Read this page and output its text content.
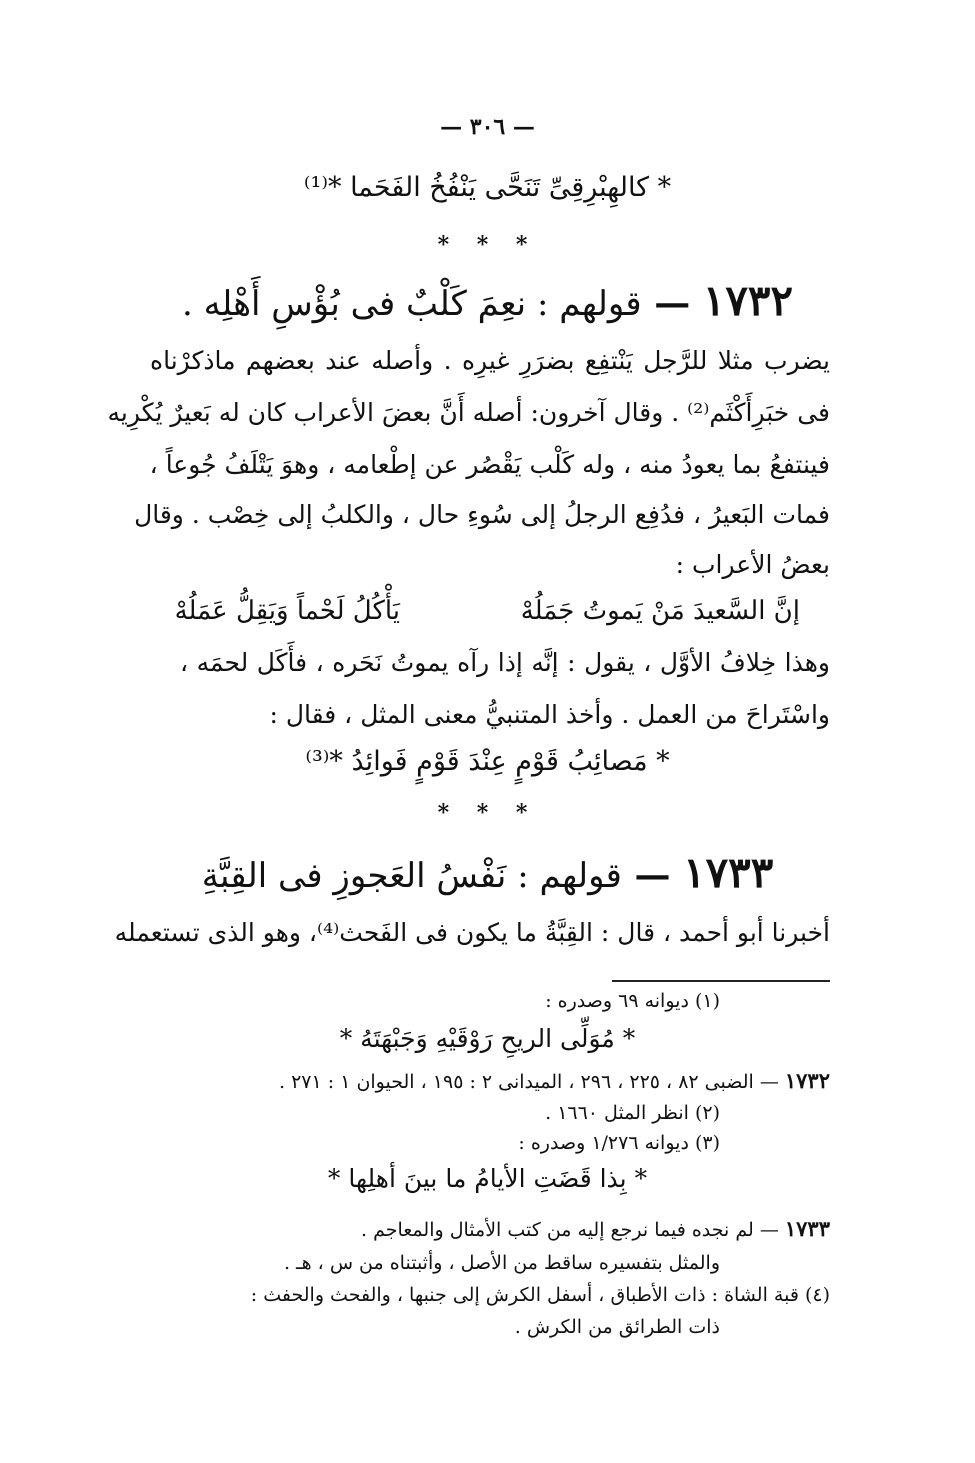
— ٣٠٦ —
* كالهِبْرِقِىِّ تَنَحَّى يَنْفُخُ الفَحَما *⁽¹⁾
* * *
١٧٣٢ — قولهم : نعِمَ كَلْبٌ فى بُؤْسِ أَهْلِه .
يضرب مثلا للرَّجل يَنْتفِع بضرَرِ غيرِه . وأصله عند بعضهم ماذكرْناه
فى خبَرِأَكْثَم⁽²⁾ . وقال آخرون: أصله أَنَّ بعضَ الأعراب كان له بَعيرٌ يُكْرِيه
فينتفعُ بما يعودُ منه ، وله كَلْب يَقْصُر عن إطْعامه ، وهوَ يَتْلَفُ جُوعاً ،
فمات البَعيرُ ، فدُفِع الرجلُ إلى سُوءِ حال ، والكلبُ إلى خِصْب . وقال
بعضُ الأعراب :
إنَّ السَّعيدَ مَنْ يَموتُ جَمَلُهْ
يَأْكُلُ لَحْماً وَيَقِلُّ عَمَلُهْ
وهذا خِلافُ الأوَّل ، يقول : إنَّه إذا رآه يموتُ نَحَره ، فأَكَل لحمَه ،
واسْتَراحَ من العمل . وأخذ المتنبيُّ معنى المثل ، فقال :
* مَصائِبُ قَوْمٍ عِنْدَ قَوْمٍ فَوائِدُ *⁽³⁾
* * *
١٧٣٣ — قولهم : نَفْسُ العَجوزِ فى القِبَّةِ
أخبرنا أبو أحمد ، قال : القِبَّةُ ما يكون فى الفَحث⁽⁴⁾، وهو الذى تستعمله
(١) ديوانه ٦٩ وصدره :
* مُوَلِّى الريحِ رَوْقَيْهِ وَجَبْهَتَهُ *
١٧٣٢ — الضبى ٨٢ ، ٢٢٥ ، ٢٩٦ ، الميدانى ٢ : ١٩٥ ، الحيوان ١ : ٢٧١ .
(٢) انظر المثل ١٦٦٠ .
(٣) ديوانه ١/٢٧٦ وصدره :
* بِذا قَضَتِ الأيامُ ما بينَ أهلِها *
١٧٣٣ — لم نجده فيما نرجع إليه من كتب الأمثال والمعاجم .
والمثل بتفسيره ساقط من الأصل ، وأثبتناه من س ، هـ .
(٤) قبة الشاة : ذات الأطباق ، أسفل الكرش إلى جنبها ، والفحث والحفث :
ذات الطرائق من الكرش .
